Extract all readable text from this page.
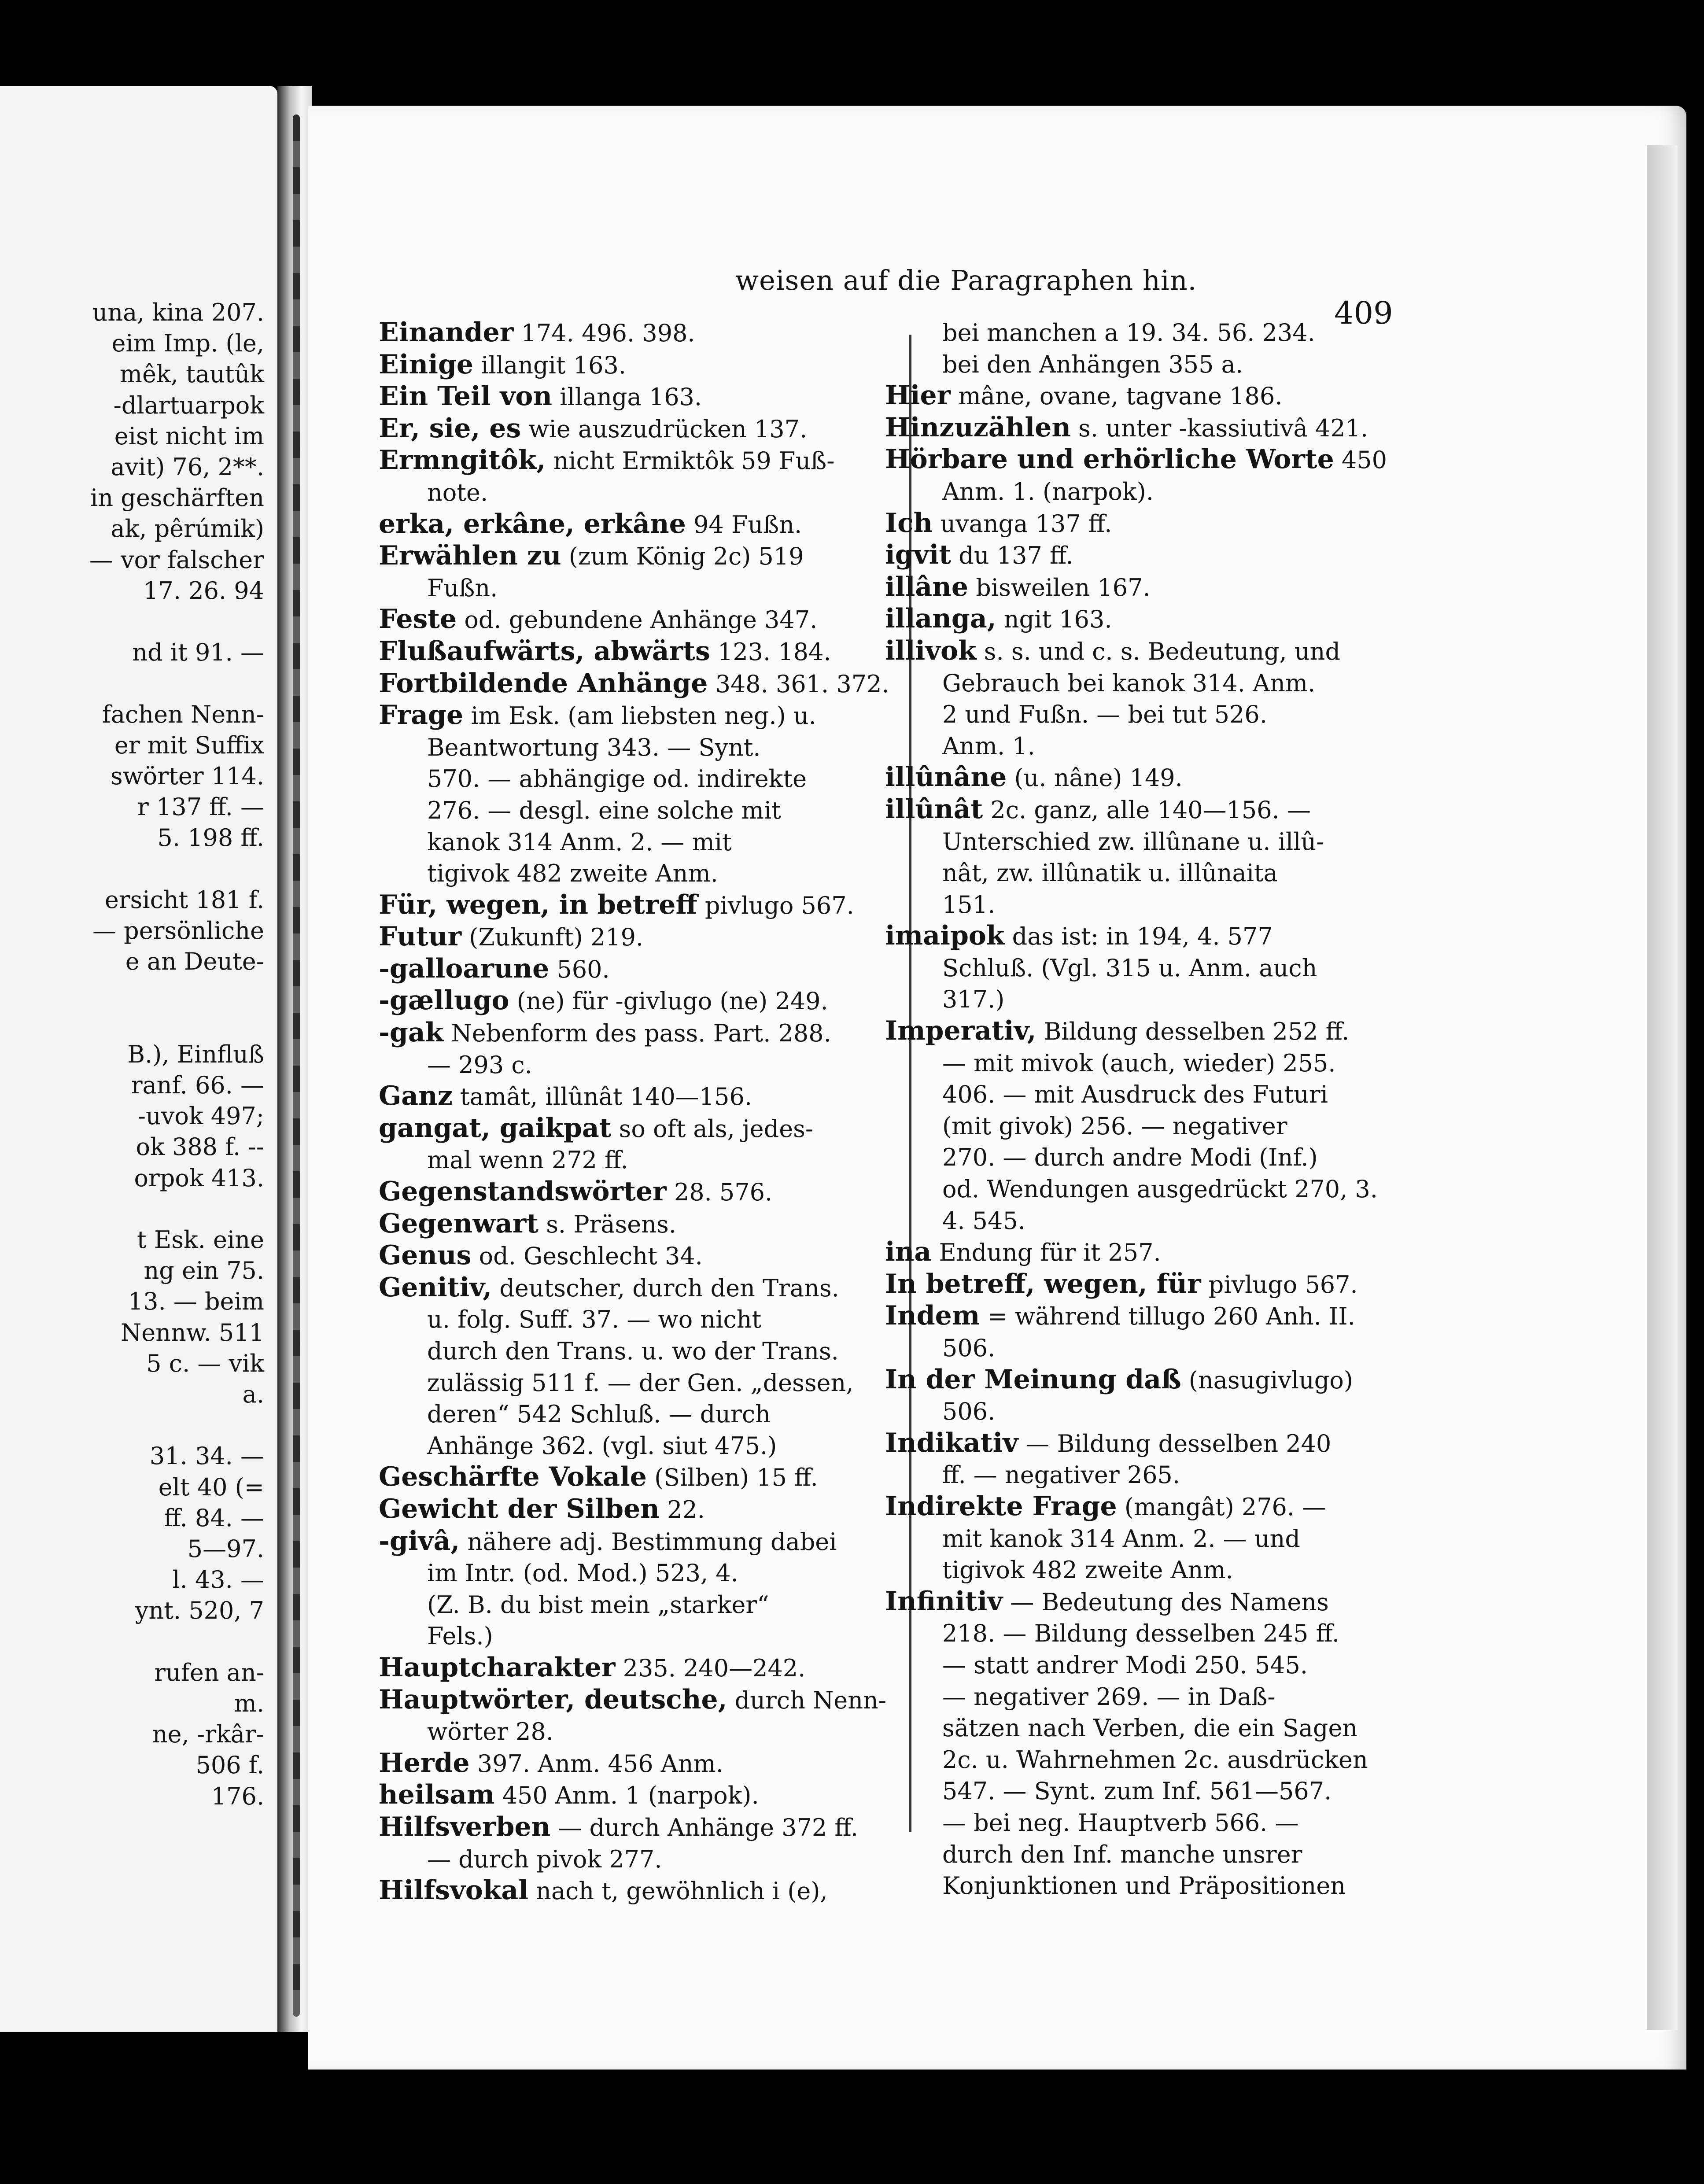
una, kina 207.
eim Imp. (le,
mêk, tautûk
-dlartuarpok
eist nicht im
avit) 76, 2**.
in geschärften
ak, pêrúmik)
— vor falscher
17. 26. 94
nd it 91. —
fachen Nenn-
er mit Suffix
swörter 114.
r 137 ff. —
5. 198 ff.
ersicht 181 f.
— persönliche
e an Deute-
B.), Einfluß
ranf. 66. —
-uvok 497;
ok 388 f. --
orpok 413.
t Esk. eine
ng ein 75.
13. — beim
Nennw. 511
5 c. — vik
a.
31. 34. —
elt 40 (=
ff. 84. —
5—97.
l. 43. —
ynt. 520, 7
rufen an-
m.
ne, -rkâr-
506 f.
176.
weisen auf die Paragraphen hin.
409

Einander 174. 496. 398.

Einige illangit 163.

Ein Teil von illanga 163.

Er, sie, es wie auszudrücken 137.

Ermngitôk, nicht Ermiktôk 59 Fuß-

note.

erka, erkâne, erkâne 94 Fußn.

Erwählen zu (zum König 2c) 519

Fußn.

Feste od. gebundene Anhänge 347.

Flußaufwärts, abwärts 123. 184.

Fortbildende Anhänge 348. 361. 372.

Frage im Esk. (am liebsten neg.) u.

Beantwortung 343. — Synt.

570. — abhängige od. indirekte

276. — desgl. eine solche mit

kanok 314 Anm. 2. — mit

tigivok 482 zweite Anm.

Für, wegen, in betreff pivlugo 567.

Futur (Zukunft) 219.

-galloarune 560.

-gællugo (ne) für -givlugo (ne) 249.

-gak Nebenform des pass. Part. 288.

— 293 c.

Ganz tamât, illûnât 140—156.

gangat, gaikpat so oft als, jedes-

mal wenn 272 ff.

Gegenstandswörter 28. 576.

Gegenwart s. Präsens.

Genus od. Geschlecht 34.

Genitiv, deutscher, durch den Trans.

u. folg. Suff. 37. — wo nicht

durch den Trans. u. wo der Trans.

zulässig 511 f. — der Gen. „dessen,

deren“ 542 Schluß. — durch

Anhänge 362. (vgl. siut 475.)

Geschärfte Vokale (Silben) 15 ff.

Gewicht der Silben 22.

-givâ, nähere adj. Bestimmung dabei

im Intr. (od. Mod.) 523, 4.

(Z. B. du bist mein „starker“

Fels.)

Hauptcharakter 235. 240—242.

Hauptwörter, deutsche, durch Nenn-

wörter 28.

Herde 397. Anm. 456 Anm.

heilsam 450 Anm. 1 (narpok).

Hilfsverben — durch Anhänge 372 ff.

— durch pivok 277.

Hilfsvokal nach t, gewöhnlich i (e),

bei manchen a 19. 34. 56. 234.

bei den Anhängen 355 a.

Hier mâne, ovane, tagvane 186.

Hinzuzählen s. unter -kassiutivâ 421.

Hörbare und erhörliche Worte 450

Anm. 1. (narpok).

Ich uvanga 137 ff.

igvit du 137 ff.

illâne bisweilen 167.

illanga, ngit 163.

illivok s. s. und c. s. Bedeutung, und

Gebrauch bei kanok 314. Anm.

2 und Fußn. — bei tut 526.

Anm. 1.

illûnâne (u. nâne) 149.

illûnât 2c. ganz, alle 140—156. —

Unterschied zw. illûnane u. illû-

nât, zw. illûnatik u. illûnaita

151.

imaipok das ist: in 194, 4. 577

Schluß. (Vgl. 315 u. Anm. auch

317.)

Imperativ, Bildung desselben 252 ff.

— mit mivok (auch, wieder) 255.

406. — mit Ausdruck des Futuri

(mit givok) 256. — negativer

270. — durch andre Modi (Inf.)

od. Wendungen ausgedrückt 270, 3.

4. 545.

ina Endung für it 257.

In betreff, wegen, für pivlugo 567.

Indem = während tillugo 260 Anh. II.

506.

In der Meinung daß (nasugivlugo)

506.

Indikativ — Bildung desselben 240

ff. — negativer 265.

Indirekte Frage (mangât) 276. —

mit kanok 314 Anm. 2. — und

tigivok 482 zweite Anm.

Infinitiv — Bedeutung des Namens

218. — Bildung desselben 245 ff.

— statt andrer Modi 250. 545.

— negativer 269. — in Daß-

sätzen nach Verben, die ein Sagen

2c. u. Wahrnehmen 2c. ausdrücken

547. — Synt. zum Inf. 561—567.

— bei neg. Hauptverb 566. —

durch den Inf. manche unsrer

Konjunktionen und Präpositionen
